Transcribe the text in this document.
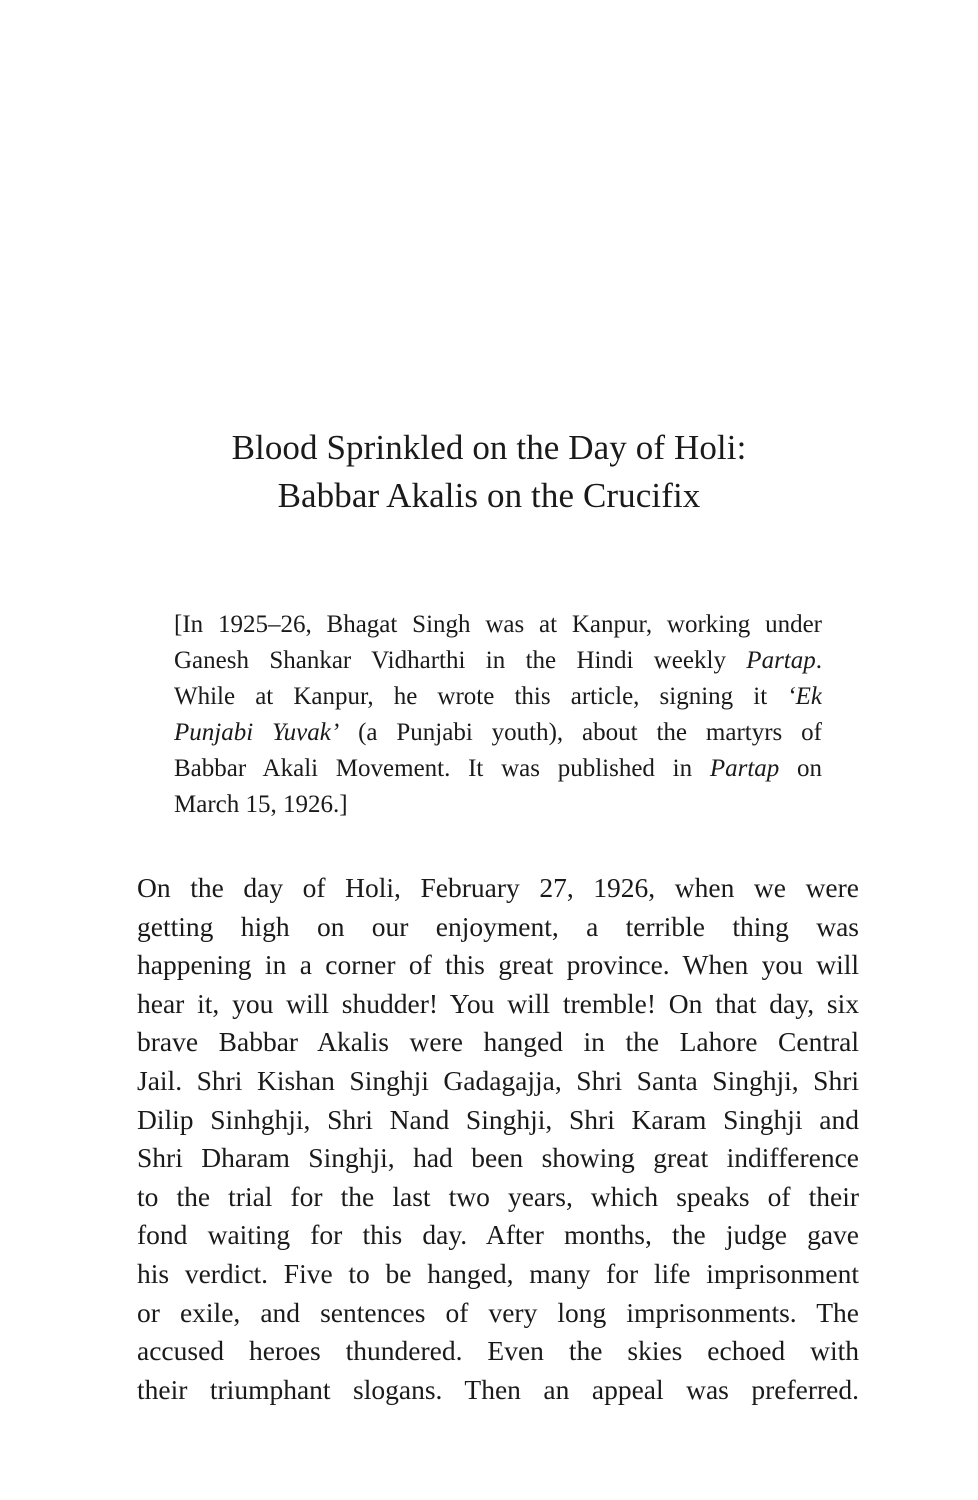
Blood Sprinkled on the Day of Holi:
Babbar Akalis on the Crucifix
[In 1925–26, Bhagat Singh was at Kanpur, working under
Ganesh Shankar Vidharthi in the Hindi weekly Partap.
While at Kanpur, he wrote this article, signing it ‘Ek
Punjabi Yuvak’ (a Punjabi youth), about the martyrs of
Babbar Akali Movement. It was published in Partap on
March 15, 1926.]
On the day of Holi, February 27, 1926, when we were
getting high on our enjoyment, a terrible thing was
happening in a corner of this great province. When you will
hear it, you will shudder! You will tremble! On that day, six
brave Babbar Akalis were hanged in the Lahore Central
Jail. Shri Kishan Singhji Gadagajja, Shri Santa Singhji, Shri
Dilip Sinhghji, Shri Nand Singhji, Shri Karam Singhji and
Shri Dharam Singhji, had been showing great indifference
to the trial for the last two years, which speaks of their
fond waiting for this day. After months, the judge gave
his verdict. Five to be hanged, many for life imprisonment
or exile, and sentences of very long imprisonments. The
accused heroes thundered. Even the skies echoed with
their triumphant slogans. Then an appeal was preferred.
